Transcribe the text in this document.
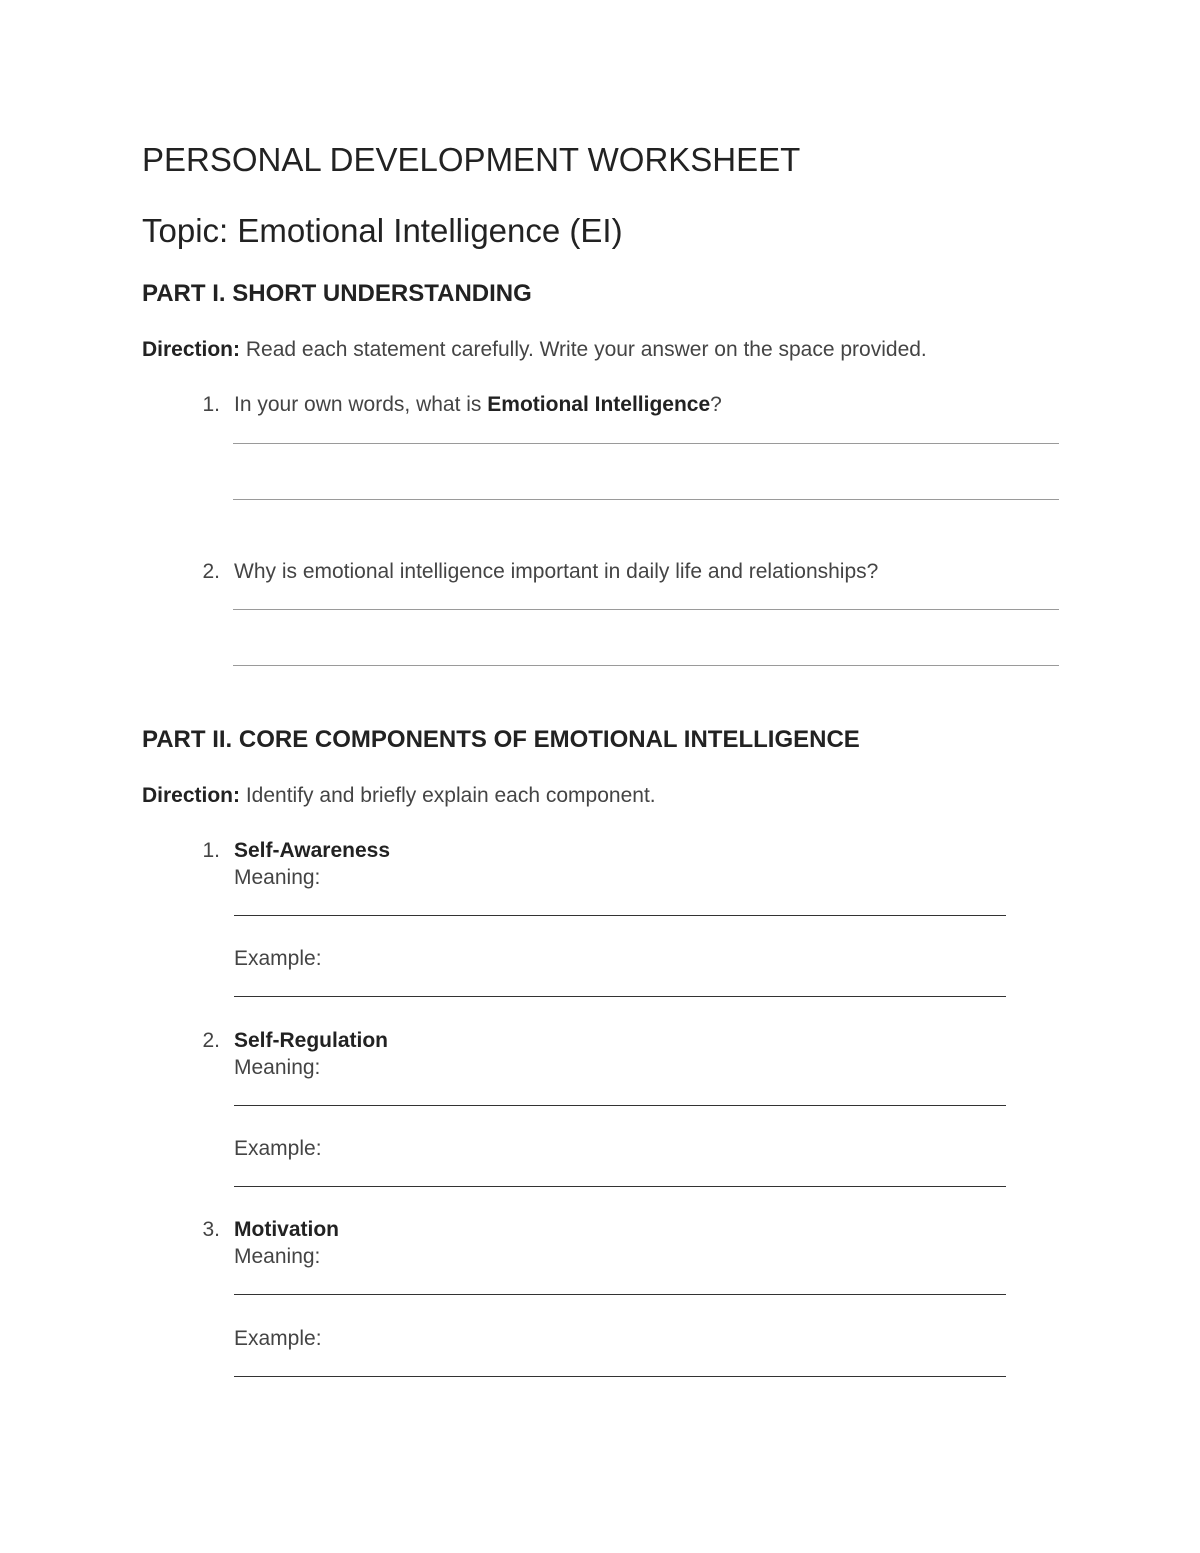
PERSONAL DEVELOPMENT WORKSHEET
Topic: Emotional Intelligence (EI)
PART I. SHORT UNDERSTANDING
Direction: Read each statement carefully. Write your answer on the space provided.
1. In your own words, what is Emotional Intelligence?
2. Why is emotional intelligence important in daily life and relationships?
PART II. CORE COMPONENTS OF EMOTIONAL INTELLIGENCE
Direction: Identify and briefly explain each component.
1. Self-Awareness
Meaning:
Example:
2. Self-Regulation
Meaning:
Example:
3. Motivation
Meaning:
Example:
